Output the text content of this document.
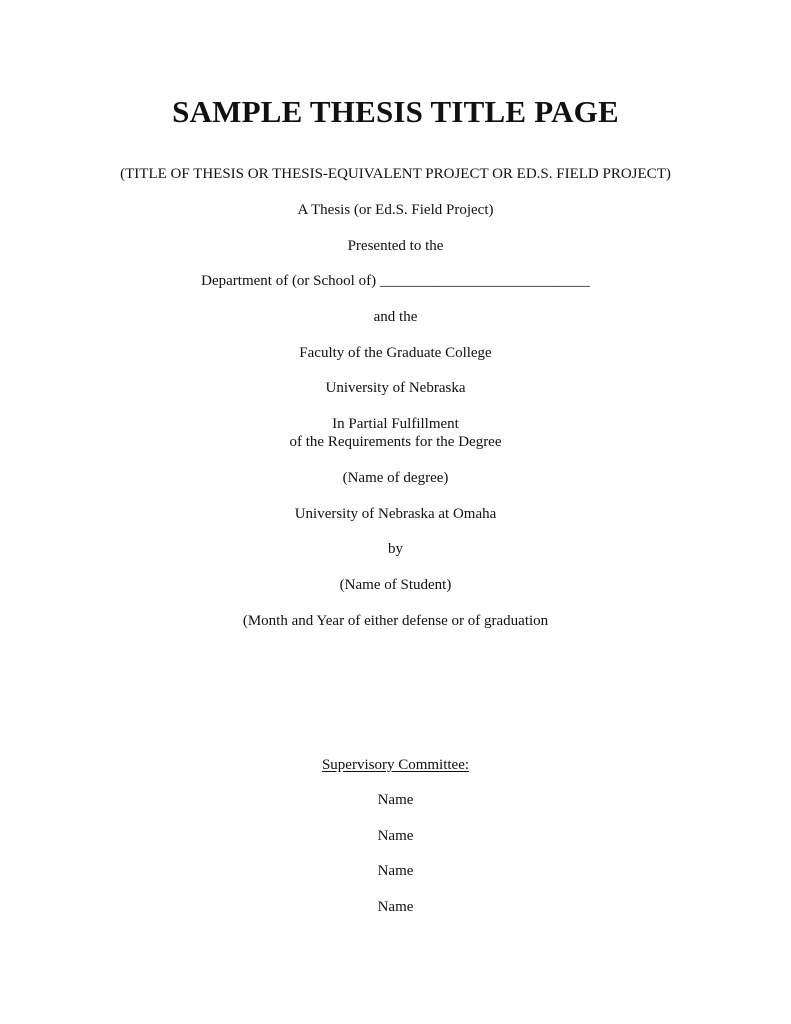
SAMPLE THESIS TITLE PAGE
(TITLE OF THESIS OR THESIS-EQUIVALENT PROJECT OR ED.S. FIELD PROJECT)
A Thesis (or Ed.S. Field Project)
Presented to the
Department of (or School of) ____________________________
and the
Faculty of the Graduate College
University of Nebraska
In Partial Fulfillment
of the Requirements for the Degree
(Name of degree)
University of Nebraska at Omaha
by
(Name of Student)
(Month and Year of either defense or of graduation
Supervisory Committee:
Name
Name
Name
Name
